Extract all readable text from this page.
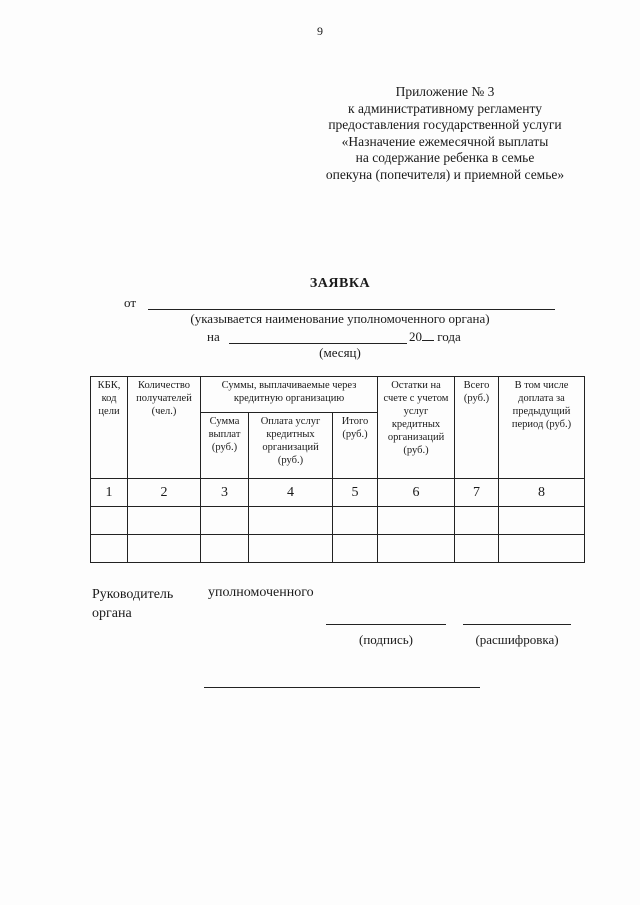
9
Приложение № 3
к административному регламенту
предоставления государственной услуги
«Назначение ежемесячной выплаты
на содержание ребенка в семье
опекуна (попечителя) и приемной семье»
ЗАЯВКА
от
(указывается наименование уполномоченного органа)
на	20 года
(месяц)
КБК, код цели	Количество получателей (чел.)	Суммы, выплачиваемые через кредитную организацию			Остатки на счете с учетом услуг кредитных организаций (руб.)	Всего (руб.)	В том числе доплата за предыдущий период (руб.)
		Сумма выплат (руб.)	Оплата услуг кредитных организаций (руб.)	Итого (руб.)			
1	2	3	4	5	6	7	8

Руководитель
органа
уполномоченного
(подпись)	(расшифровка)
